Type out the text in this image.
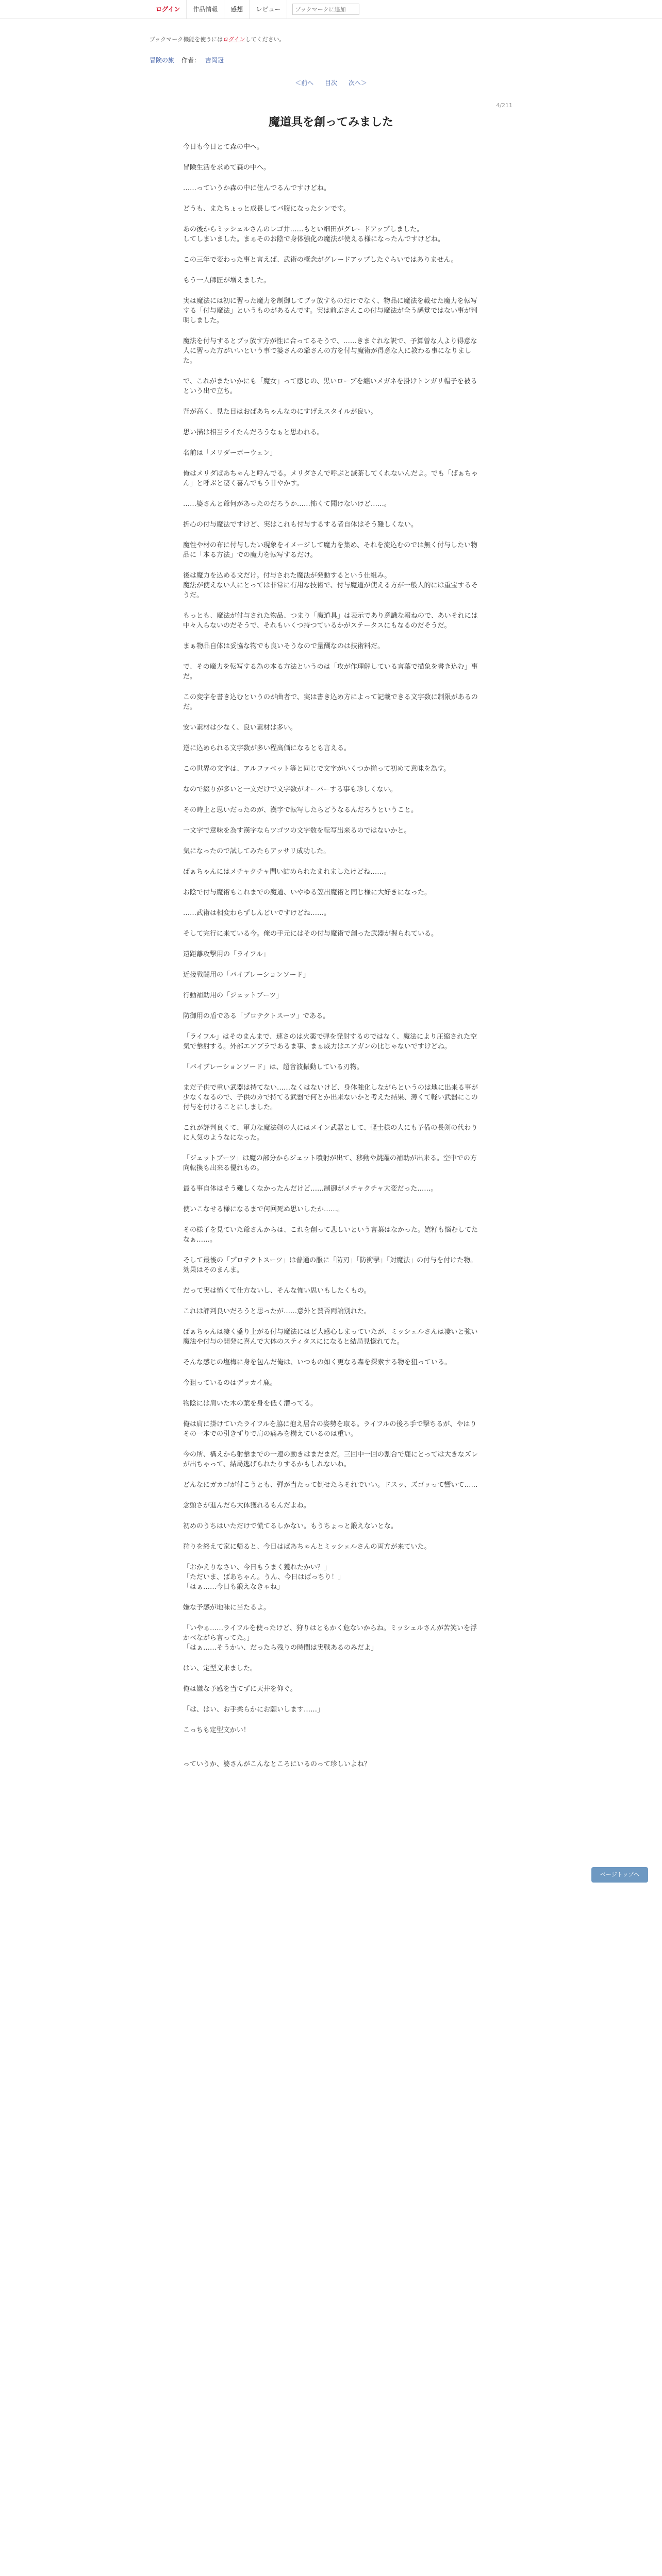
ログイン	作品情報	感想	レビュー
ブックマークに追加
ブックマーク機能を使うにはログインしてください。
冒険の旅 作者： 吉岡冠
＜前へ 目次 次へ＞
4/211
魔道具を創ってみました

今日も今日とて森の中へ。

冒険生活を求めて森の中へ。

……っていうか森の中に住んでるんですけどね。

どうも、またちょっと成長してバ腹になったシンです。

あの後からミッシェルさんのレゴ井……もとい細田がグレードアップしました。
してしまいました。まぁそのお陰で身体強化の魔法が使える様になったんですけどね。

この三年で変わった事と言えば、武術の概念がグレードアップしたぐらいではありません。

もう一人師匠が増えました。

実は魔法には初に習った魔力を制御してブッ放すものだけでなく、物品に魔法を載せた魔力を転写する「付与魔法」というものがあるんです。実は前ぶさんこの付与魔法が全う感覚ではない事が判明しました。

魔法を付与するとブッ放す方が性に合ってるそうで、……きまぐれな訳で、予算曽な人より得意な人に習った方がいいという事で婆さんの爺さんの方を付与魔術が得意な人に教わる事になりました。

で、これがまたいかにも「魔女」って感じの、黒いローブを纏いメガネを掛けトンガリ帽子を被るという出で立ち。

背が高く、見た目はおばあちゃんなのにすげえスタイルが良い。

思い描は相当ライたんだろうなぁと思われる。

名前は「メリダーボーウェン」

俺はメリダばあちゃんと呼んでる。メリダさんで呼ぶと滅茶してくれないんだよ。でも「ばぁちゃん」と呼ぶと凄く喜んでもう甘やかす。

……婆さんと爺何があったのだろうか……怖くて聞けないけど……。

折心の付与魔法ですけど、実はこれも付与するする者自体はそう難しくない。

魔性や材の布に付与したい現象をイメージして魔力を集め、それを流込むのでは無く付与したい物品に「本る方法」での魔力を転写するだけ。

後は魔力を込める文だけ。付与された魔法が発動するという仕組み。
魔法が使えない人にとっては非常に有用な技術で、付与魔道が使える方が一般人的には重宝するそうだ。

もっとも、魔法が付与された物品、つまり「魔道具」は表示であり意識な報ねので、あいそれには中々入らないのだそうで、それもいくつ持つているかがステータスにもなるのだそうだ。

まぁ物品自体は妥協な物でも良いそうなので量醐なのは技術料だ。

で、その魔力を転写する為の本る方法というのは「攻が作理解している言葉で描象を書き込む」事だ。

この変字を書き込むというのが曲者で、実は書き込め方によって記載できる文字数に制限があるのだ。

安い素材は少なく、良い素材は多い。

逆に込められる文字数が多い程高価になるとも言える。

この世界の文字は、アルファベット等と同じで文字がいくつか揃って初めて意味を為す。

なので綴りが多いと一文だけで文字数がオーバーする事も珍しくない。

その時上と思いだったのが、漢字で転写したらどうなるんだろうということ。

一文字で意味を為す漢字ならツゴツの文字数を転写出来るのではないかと。

気になったので試してみたらアッサリ成功した。

ばぁちゃんにはメチャクチャ問い詰められたまれましたけどね……。

お陰で付与魔術もこれまでの魔道、いやゆる笠出魔術と同じ様に大好きになった。

……武術は相変わらずしんどいですけどね……。

そして完行に来ている今。俺の手元にはその付与魔術で創った武器が握られている。

遠距離攻撃用の「ライフル」

近接戦闘用の「バイブレーションソード」

行動補助用の「ジェットブーツ」

防御用の盾である「プロテクトスーツ」である。

「ライフル」はそのまんまで、速さのは火薬で弾を発射するのではなく、魔法により圧縮された空気で撃射する。外部エアブラであるま事、まぁ威力はエアガンの比じゃないですけどね。

「バイブレーションソード」は、超音波振動している刃物。

まだ子供で重い武器は持てない……なくはないけど、身体強化しながらというのは地に出来る事が少なくなるので、子供のカで持てる武器で何とか出来ないかと考えた結果、薄くて軽い武器にこの付与を付けることにしました。

これが評判良くて、軍力な魔法剣の人にはメイン武器として、軽士様の人にも予備の長剣の代わりに人気のようなになった。

「ジェットブーツ」は魔の部分からジェット噴射が出て、移動や跳躍の補助が出来る。空中での方向転換も出来る優れもの。

最る事自体はそう難しくなかったんだけど……制御がメチャクチャ大変だった……。

使いこなせる様になるまで何回死ぬ思いしたか……。

その様子を見ていた爺さんからは、これを創って悲しいという言葉はなかった。嬉籽も悩むしてたなぁ……。

そして最後の「プロテクトスーツ」は普通の服に「防刃」「防衝撃」「対魔法」の付与を付けた物。効果はそのまんま。

だって実は怖くて仕方ないし、そんな怖い思いもしたくもの。

これは評判良いだろうと思ったが……意外と賛否両論別れた。

ばぁちゃんは凄く盛り上がる付与魔法にはど大感心しまっていたが、ミッシェルさんは凄いと強い魔法や付与の開発に喜んで大体のスティタスにになると結局見惚れてた。

そんな感じの塩梅に身を包んだ俺は、いつもの如く更なる森を探索する物を狙っている。

今狙っているのはデッカイ鹿。

物陰には肩いた木の葉を身を低く潜ってる。

俺は肩に掛けていたライフルを脇に抱え居合の姿勢を取る。ライフルの後ろ手で撃ちるが、やはりその一本での引きずりで肩の痛みを構えているのは重い。

今の所、構えから射撃までの一連の動きはまだまだ。三回中一回の割合で鹿にとっては大きなズレが出ちゃって、結局逃げられたりするかもしれないね。

どんなにガカゴが付こうとも、弾が当たって倒せたらそれでいい。ドスッ、ズゴッって響いて……

念頭さが進んだら大体獲れるもんだよね。

初めのうちはいただけで慌てるしかない。もうちょっと鍛えないとな。

狩りを終えて家に帰ると、今日はばあちゃんとミッシェルさんの両方が来ていた。

「おかえりなさい、今日もうまく獲れたかい？」
「ただいま、ばあちゃん。うん、今日はばっちり！」
「はぁ……今日も鍛えなきゃね」

嫌な予感が地味に当たるよ。

「いやぁ……ライフルを使ったけど、狩りはともかく危ないからね。ミッシェルさんが苦笑いを浮かべながら言ってた。」
「はぁ……そうかい、だったら残りの時間は実戦あるのみだよ」

はい、定型文来ました。

俺は嫌な予感を当てずに天井を仰ぐ。

「は、はい、お手柔らかにお願いします……」

こっちも定型文かい！

ページトップへ

っていうか、婆さんがこんなところにいるのって珍しいよね？
